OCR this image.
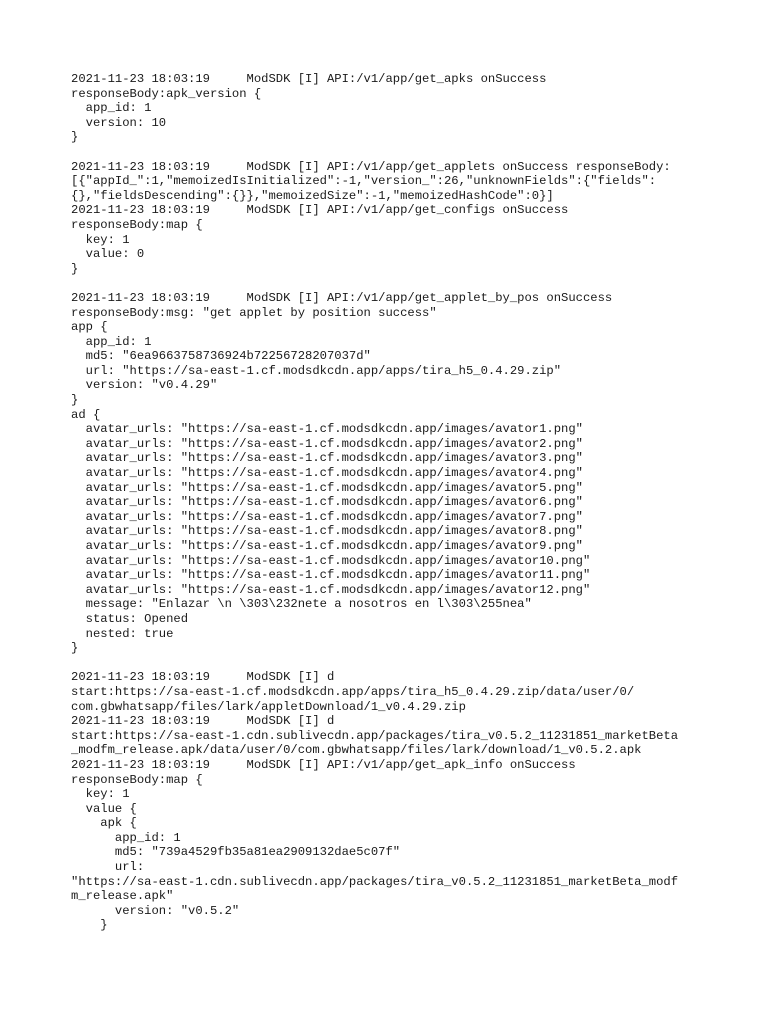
2021-11-23 18:03:19     ModSDK [I] API:/v1/app/get_apks onSuccess
responseBody:apk_version {
app_id: 1
version: 10
}
2021-11-23 18:03:19     ModSDK [I] API:/v1/app/get_applets onSuccess responseBody:
[{"appId_":1,"memoizedIsInitialized":-1,"version_":26,"unknownFields":{"fields":
{},"fieldsDescending":{}},"memoizedSize":-1,"memoizedHashCode":0}]
2021-11-23 18:03:19     ModSDK [I] API:/v1/app/get_configs onSuccess
responseBody:map {
key: 1
value: 0
}
2021-11-23 18:03:19     ModSDK [I] API:/v1/app/get_applet_by_pos onSuccess
responseBody:msg: "get applet by position success"
app {
app_id: 1
md5: "6ea9663758736924b72256728207037d"
url: "https://sa-east-1.cf.modsdkcdn.app/apps/tira_h5_0.4.29.zip"
version: "v0.4.29"
}
ad {
avatar_urls: "https://sa-east-1.cf.modsdkcdn.app/images/avator1.png"
avatar_urls: "https://sa-east-1.cf.modsdkcdn.app/images/avator2.png"
avatar_urls: "https://sa-east-1.cf.modsdkcdn.app/images/avator3.png"
avatar_urls: "https://sa-east-1.cf.modsdkcdn.app/images/avator4.png"
avatar_urls: "https://sa-east-1.cf.modsdkcdn.app/images/avator5.png"
avatar_urls: "https://sa-east-1.cf.modsdkcdn.app/images/avator6.png"
avatar_urls: "https://sa-east-1.cf.modsdkcdn.app/images/avator7.png"
avatar_urls: "https://sa-east-1.cf.modsdkcdn.app/images/avator8.png"
avatar_urls: "https://sa-east-1.cf.modsdkcdn.app/images/avator9.png"
avatar_urls: "https://sa-east-1.cf.modsdkcdn.app/images/avator10.png"
avatar_urls: "https://sa-east-1.cf.modsdkcdn.app/images/avator11.png"
avatar_urls: "https://sa-east-1.cf.modsdkcdn.app/images/avator12.png"
message: "Enlazar \n \303\232nete a nosotros en l\303\255nea"
status: Opened
nested: true
}
2021-11-23 18:03:19     ModSDK [I] d
start:https://sa-east-1.cf.modsdkcdn.app/apps/tira_h5_0.4.29.zip/data/user/0/
com.gbwhatsapp/files/lark/appletDownload/1_v0.4.29.zip
2021-11-23 18:03:19     ModSDK [I] d
start:https://sa-east-1.cdn.sublivecdn.app/packages/tira_v0.5.2_11231851_marketBeta
_modfm_release.apk/data/user/0/com.gbwhatsapp/files/lark/download/1_v0.5.2.apk
2021-11-23 18:03:19     ModSDK [I] API:/v1/app/get_apk_info onSuccess
responseBody:map {
key: 1
value {
apk {
app_id: 1
md5: "739a4529fb35a81ea2909132dae5c07f"
url:
"https://sa-east-1.cdn.sublivecdn.app/packages/tira_v0.5.2_11231851_marketBeta_modf
m_release.apk"
version: "v0.5.2"
}
